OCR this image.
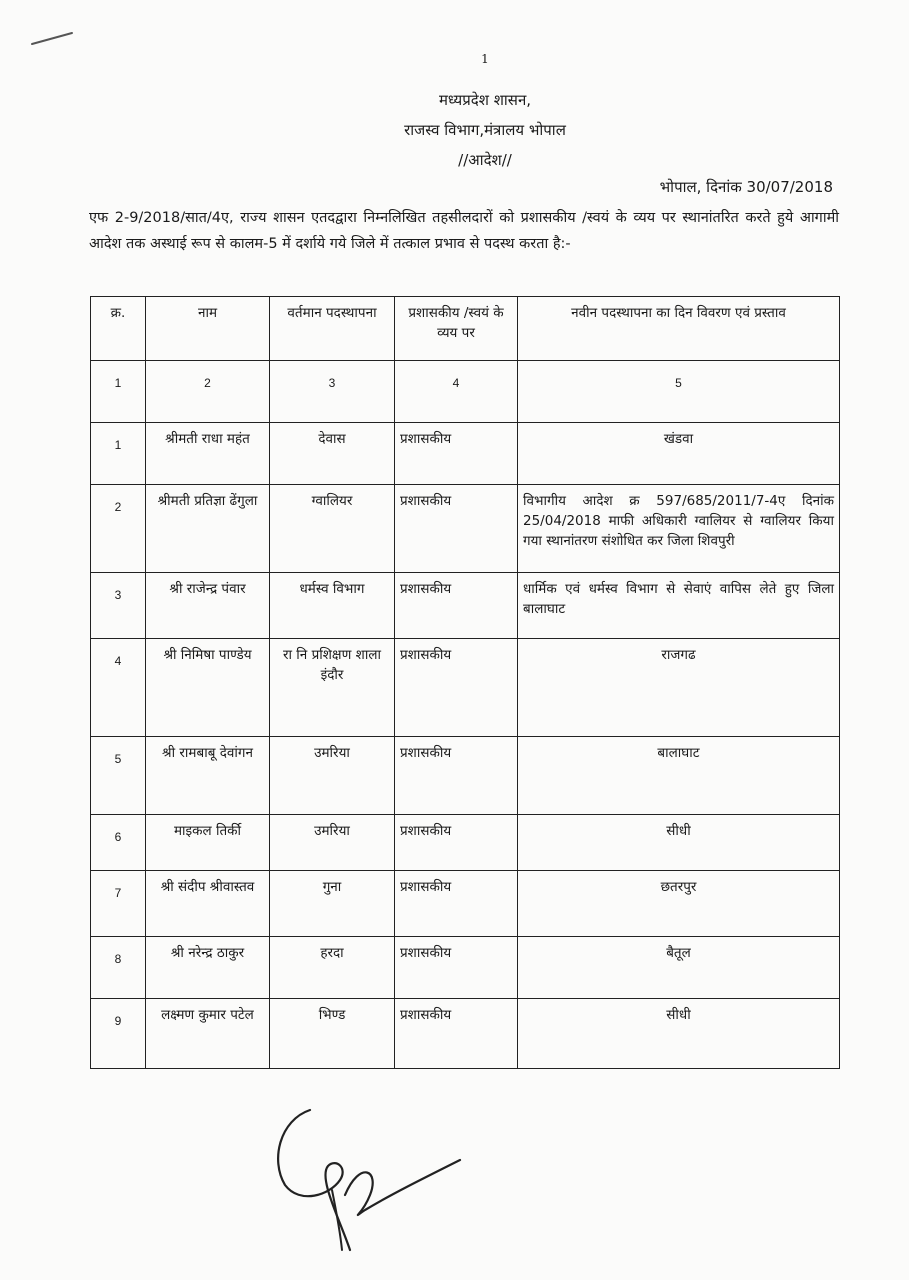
1
मध्यप्रदेश शासन,
राजस्व विभाग,मंत्रालय भोपाल
//आदेश//
भोपाल, दिनांक 30/07/2018
एफ 2-9/2018/सात/4ए, राज्य शासन एतदद्वारा निम्नलिखित तहसीलदारों को प्रशासकीय /स्वयं के व्यय पर स्थानांतरित करते हुये आगामी आदेश तक अस्थाई रूप से कालम-5 में दर्शाये गये जिले में तत्काल प्रभाव से पदस्थ करता है:-
क्र.	नाम	वर्तमान पदस्थापना	प्रशासकीय /स्वयं के व्यय पर	नवीन पदस्थापना का दिन विवरण एवं प्रस्ताव
1	2	3	4	5
1	श्रीमती राधा महंत	देवास	प्रशासकीय	खंडवा
2	श्रीमती प्रतिज्ञा ढेंगुला	ग्वालियर	प्रशासकीय	विभागीय आदेश क्र 597/685/2011/7-4ए दिनांक 25/04/2018 माफी अधिकारी ग्वालियर से ग्वालियर किया गया स्थानांतरण संशोधित कर जिला शिवपुरी
3	श्री राजेन्द्र पंवार	धर्मस्व विभाग	प्रशासकीय	धार्मिक एवं धर्मस्व विभाग से सेवाएं वापिस लेते हुए जिला बालाघाट
4	श्री निमिषा पाण्डेय	रा नि प्रशिक्षण शाला इंदौर	प्रशासकीय	राजगढ
5	श्री रामबाबू देवांगन	उमरिया	प्रशासकीय	बालाघाट
6	माइकल तिर्की	उमरिया	प्रशासकीय	सीधी
7	श्री संदीप श्रीवास्तव	गुना	प्रशासकीय	छतरपुर
8	श्री नरेन्द्र ठाकुर	हरदा	प्रशासकीय	बैतूल
9	लक्ष्मण कुमार पटेल	भिण्ड	प्रशासकीय	सीधी
